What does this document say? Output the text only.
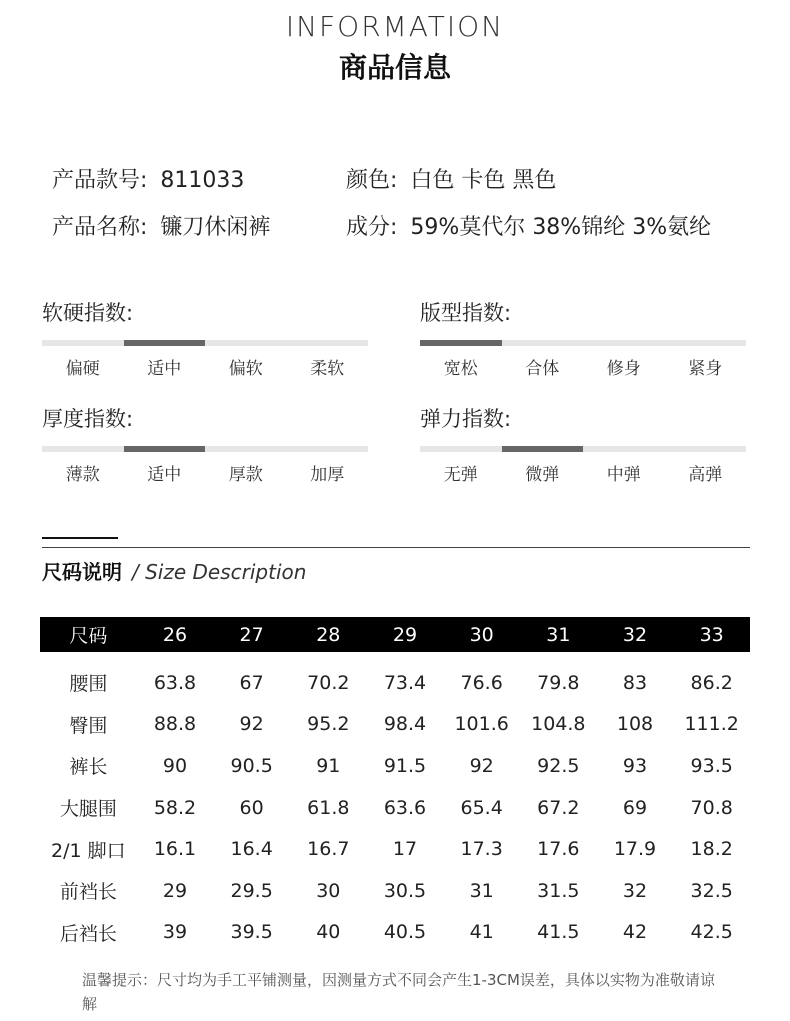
INFORMATION
商品信息
产品款号: 811033
产品名称: 镰刀休闲裤
颜色: 白色 卡色 黑色
成分: 59%莫代尔 38%锦纶 3%氨纶
软硬指数:
偏硬	适中	偏软	柔软
版型指数:
宽松	合体	修身	紧身
厚度指数:
薄款	适中	厚款	加厚
弹力指数:
无弹	微弹	中弹	高弹
尺码说明 / Size Description
尺码	26	27	28	29	30	31	32	33
腰围	63.8	67	70.2	73.4	76.6	79.8	83	86.2
臀围	88.8	92	95.2	98.4	101.6	104.8	108	111.2
裤长	90	90.5	91	91.5	92	92.5	93	93.5
大腿围	58.2	60	61.8	63.6	65.4	67.2	69	70.8
2/1 脚口	16.1	16.4	16.7	17	17.3	17.6	17.9	18.2
前裆长	29	29.5	30	30.5	31	31.5	32	32.5
后裆长	39	39.5	40	40.5	41	41.5	42	42.5
温馨提示：尺寸均为手工平铺测量，因测量方式不同会产生1-3CM误差，具体以实物为准敬请谅解
